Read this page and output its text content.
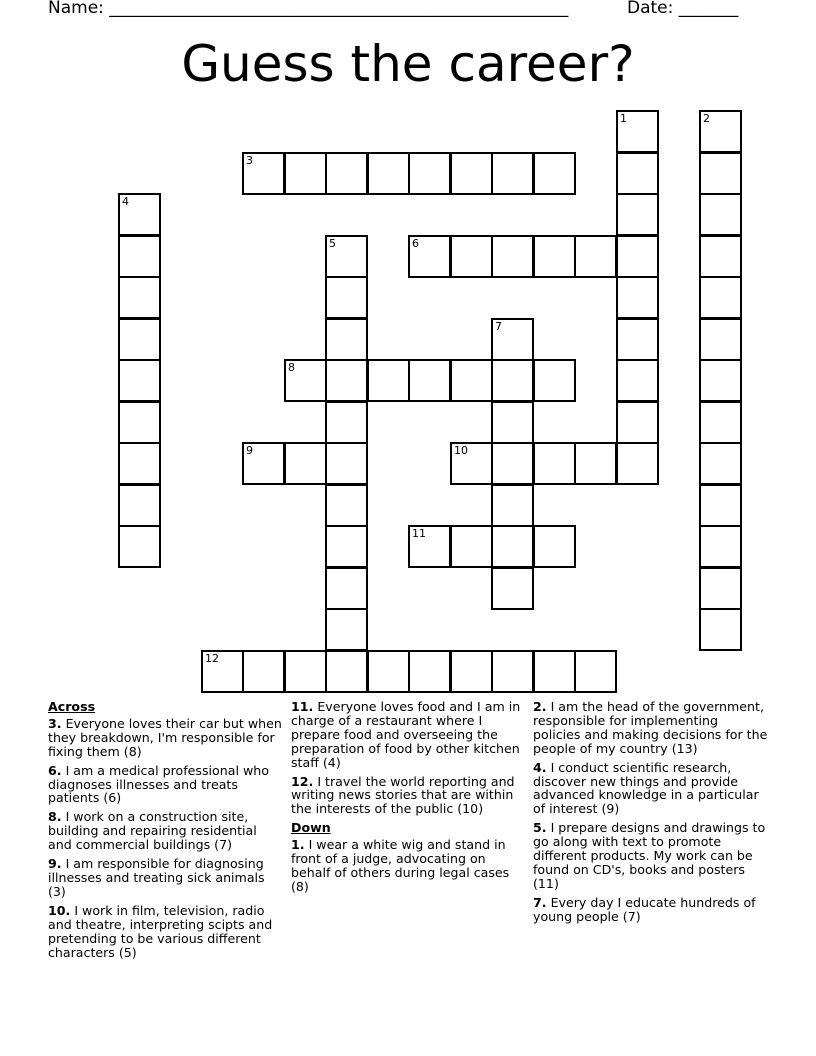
Name: ______________________________________________________	Date: _______
Guess the career?
1	2
3
4
5	6
7
8
9	10
11
12
Across
3. Everyone loves their car but when they breakdown, I'm responsible for fixing them (8)
6. I am a medical professional who diagnoses illnesses and treats patients (6)
8. I work on a construction site, building and repairing residential and commercial buildings (7)
9. I am responsible for diagnosing illnesses and treating sick animals (3)
10. I work in film, television, radio and theatre, interpreting scipts and pretending to be various different characters (5)
11. Everyone loves food and I am in charge of a restaurant where I prepare food and overseeing the preparation of food by other kitchen staff (4)
12. I travel the world reporting and writing news stories that are within the interests of the public (10)
Down
1. I wear a white wig and stand in front of a judge, advocating on behalf of others during legal cases (8)
2. I am the head of the government, responsible for implementing policies and making decisions for the people of my country (13)
4. I conduct scientific research, discover new things and provide advanced knowledge in a particular of interest (9)
5. I prepare designs and drawings to go along with text to promote different products. My work can be found on CD's, books and posters (11)
7. Every day I educate hundreds of young people (7)
